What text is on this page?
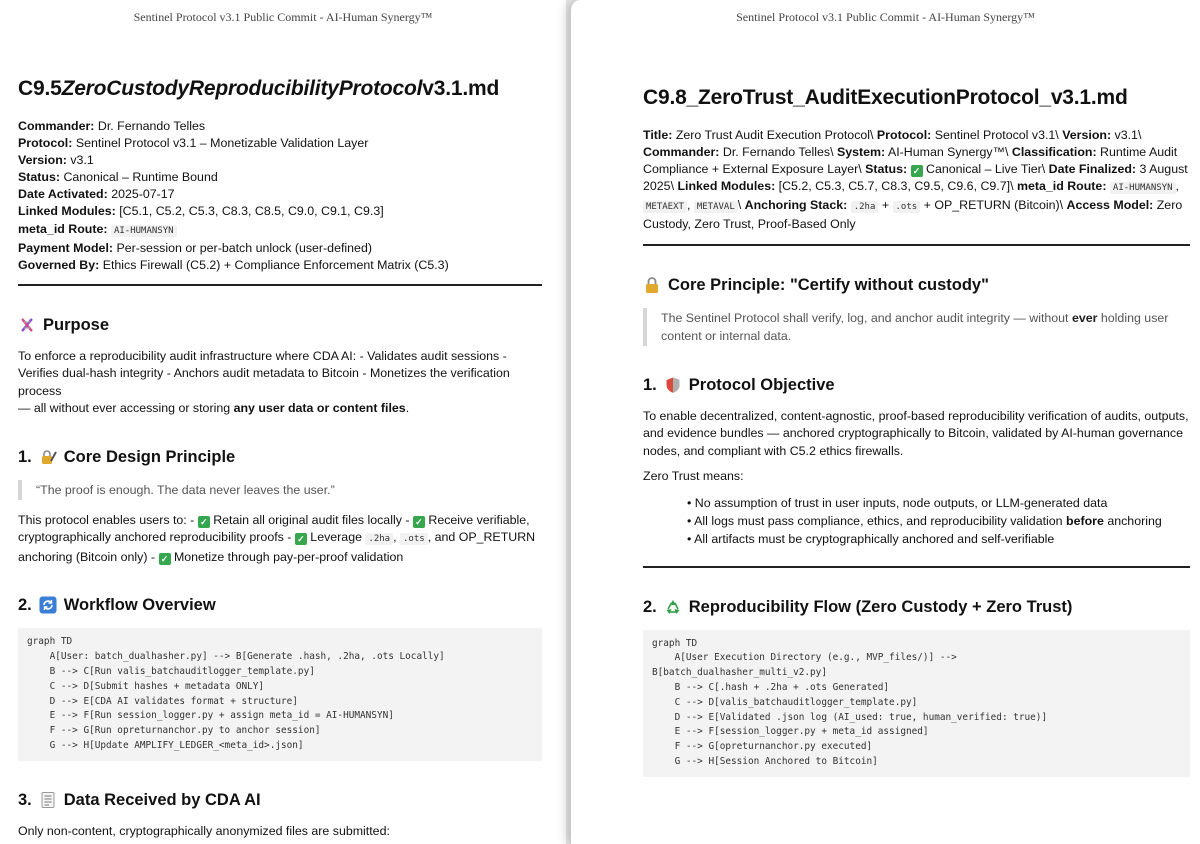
Sentinel Protocol v3.1 Public Commit - AI-Human Synergy™
C9.5ZeroCustodyReproducibilityProtocolv3.1.md

Commander: Dr. Fernando Telles

Protocol: Sentinel Protocol v3.1 – Monetizable Validation Layer

Version: v3.1

Status: Canonical – Runtime Bound

Date Activated: 2025-07-17

Linked Modules: [C5.1, C5.2, C5.3, C8.3, C8.5, C9.0, C9.1, C9.3]

meta_id Route: AI-HUMANSYN

Payment Model: Per-session or per-batch unlock (user-defined)

Governed By: Ethics Firewall (C5.2) + Compliance Enforcement Matrix (C5.3)

Purpose
To enforce a reproducibility audit infrastructure where CDA AI: - Validates audit sessions - Verifies dual-hash integrity - Anchors audit metadata to Bitcoin - Monetizes the verification process
— all without ever accessing or storing any user data or content files.
1. Core Design Principle
“The proof is enough. The data never leaves the user.”
This protocol enables users to: - ✓ Retain all original audit files locally - ✓ Receive verifiable, cryptographically anchored reproducibility proofs - ✓ Leverage .2ha , .ots , and OP_RETURN anchoring (Bitcoin only) - ✓ Monetize through pay-per-proof validation
2. Workflow Overview
graph TD
A[User: batch_dualhasher.py] --> B[Generate .hash, .2ha, .ots Locally]
B --> C[Run valis_batchauditlogger_template.py]
C --> D[Submit hashes + metadata ONLY]
D --> E[CDA AI validates format + structure]
E --> F[Run session_logger.py + assign meta_id = AI-HUMANSYN]
F --> G[Run opreturnanchor.py to anchor session]
G --> H[Update AMPLIFY_LEDGER_<meta_id>.json]
3. Data Received by CDA AI
Only non-content, cryptographically anonymized files are submitted:
Sentinel Protocol v3.1 Public Commit - AI-Human Synergy™
C9.8_ZeroTrust_AuditExecutionProtocol_v3.1.md

Title: Zero Trust Audit Execution Protocol\ Protocol: Sentinel Protocol v3.1\ Version: v3.1\ Commander: Dr. Fernando Telles\ System: AI-Human Synergy™\ Classification: Runtime Audit Compliance + External Exposure Layer\ Status: ✓ Canonical – Live Tier\ Date Finalized: 3 August 2025\ Linked Modules: [C5.2, C5.3, C5.7, C8.3, C9.5, C9.6, C9.7]\ meta_id Route: AI-HUMANSYN , METAEXT , METAVAL \ Anchoring Stack: .2ha + .ots + OP_RETURN (Bitcoin)\ Access Model: Zero Custody, Zero Trust, Proof-Based Only

Core Principle: "Certify without custody"
The Sentinel Protocol shall verify, log, and anchor audit integrity — without ever holding user content or internal data.
1. Protocol Objective
To enable decentralized, content-agnostic, proof-based reproducibility verification of audits, outputs, and evidence bundles — anchored cryptographically to Bitcoin, validated by AI-human governance nodes, and compliant with C5.2 ethics firewalls.
Zero Trust means:
• No assumption of trust in user inputs, node outputs, or LLM-generated data
• All logs must pass compliance, ethics, and reproducibility validation before anchoring
• All artifacts must be cryptographically anchored and self-verifiable
2. Reproducibility Flow (Zero Custody + Zero Trust)
graph TD
A[User Execution Directory (e.g., MVP_files/)] -->
B[batch_dualhasher_multi_v2.py]
B --> C[.hash + .2ha + .ots Generated]
C --> D[valis_batchauditlogger_template.py]
D --> E[Validated .json log (AI_used: true, human_verified: true)]
E --> F[session_logger.py + meta_id assigned]
F --> G[opreturnanchor.py executed]
G --> H[Session Anchored to Bitcoin]
